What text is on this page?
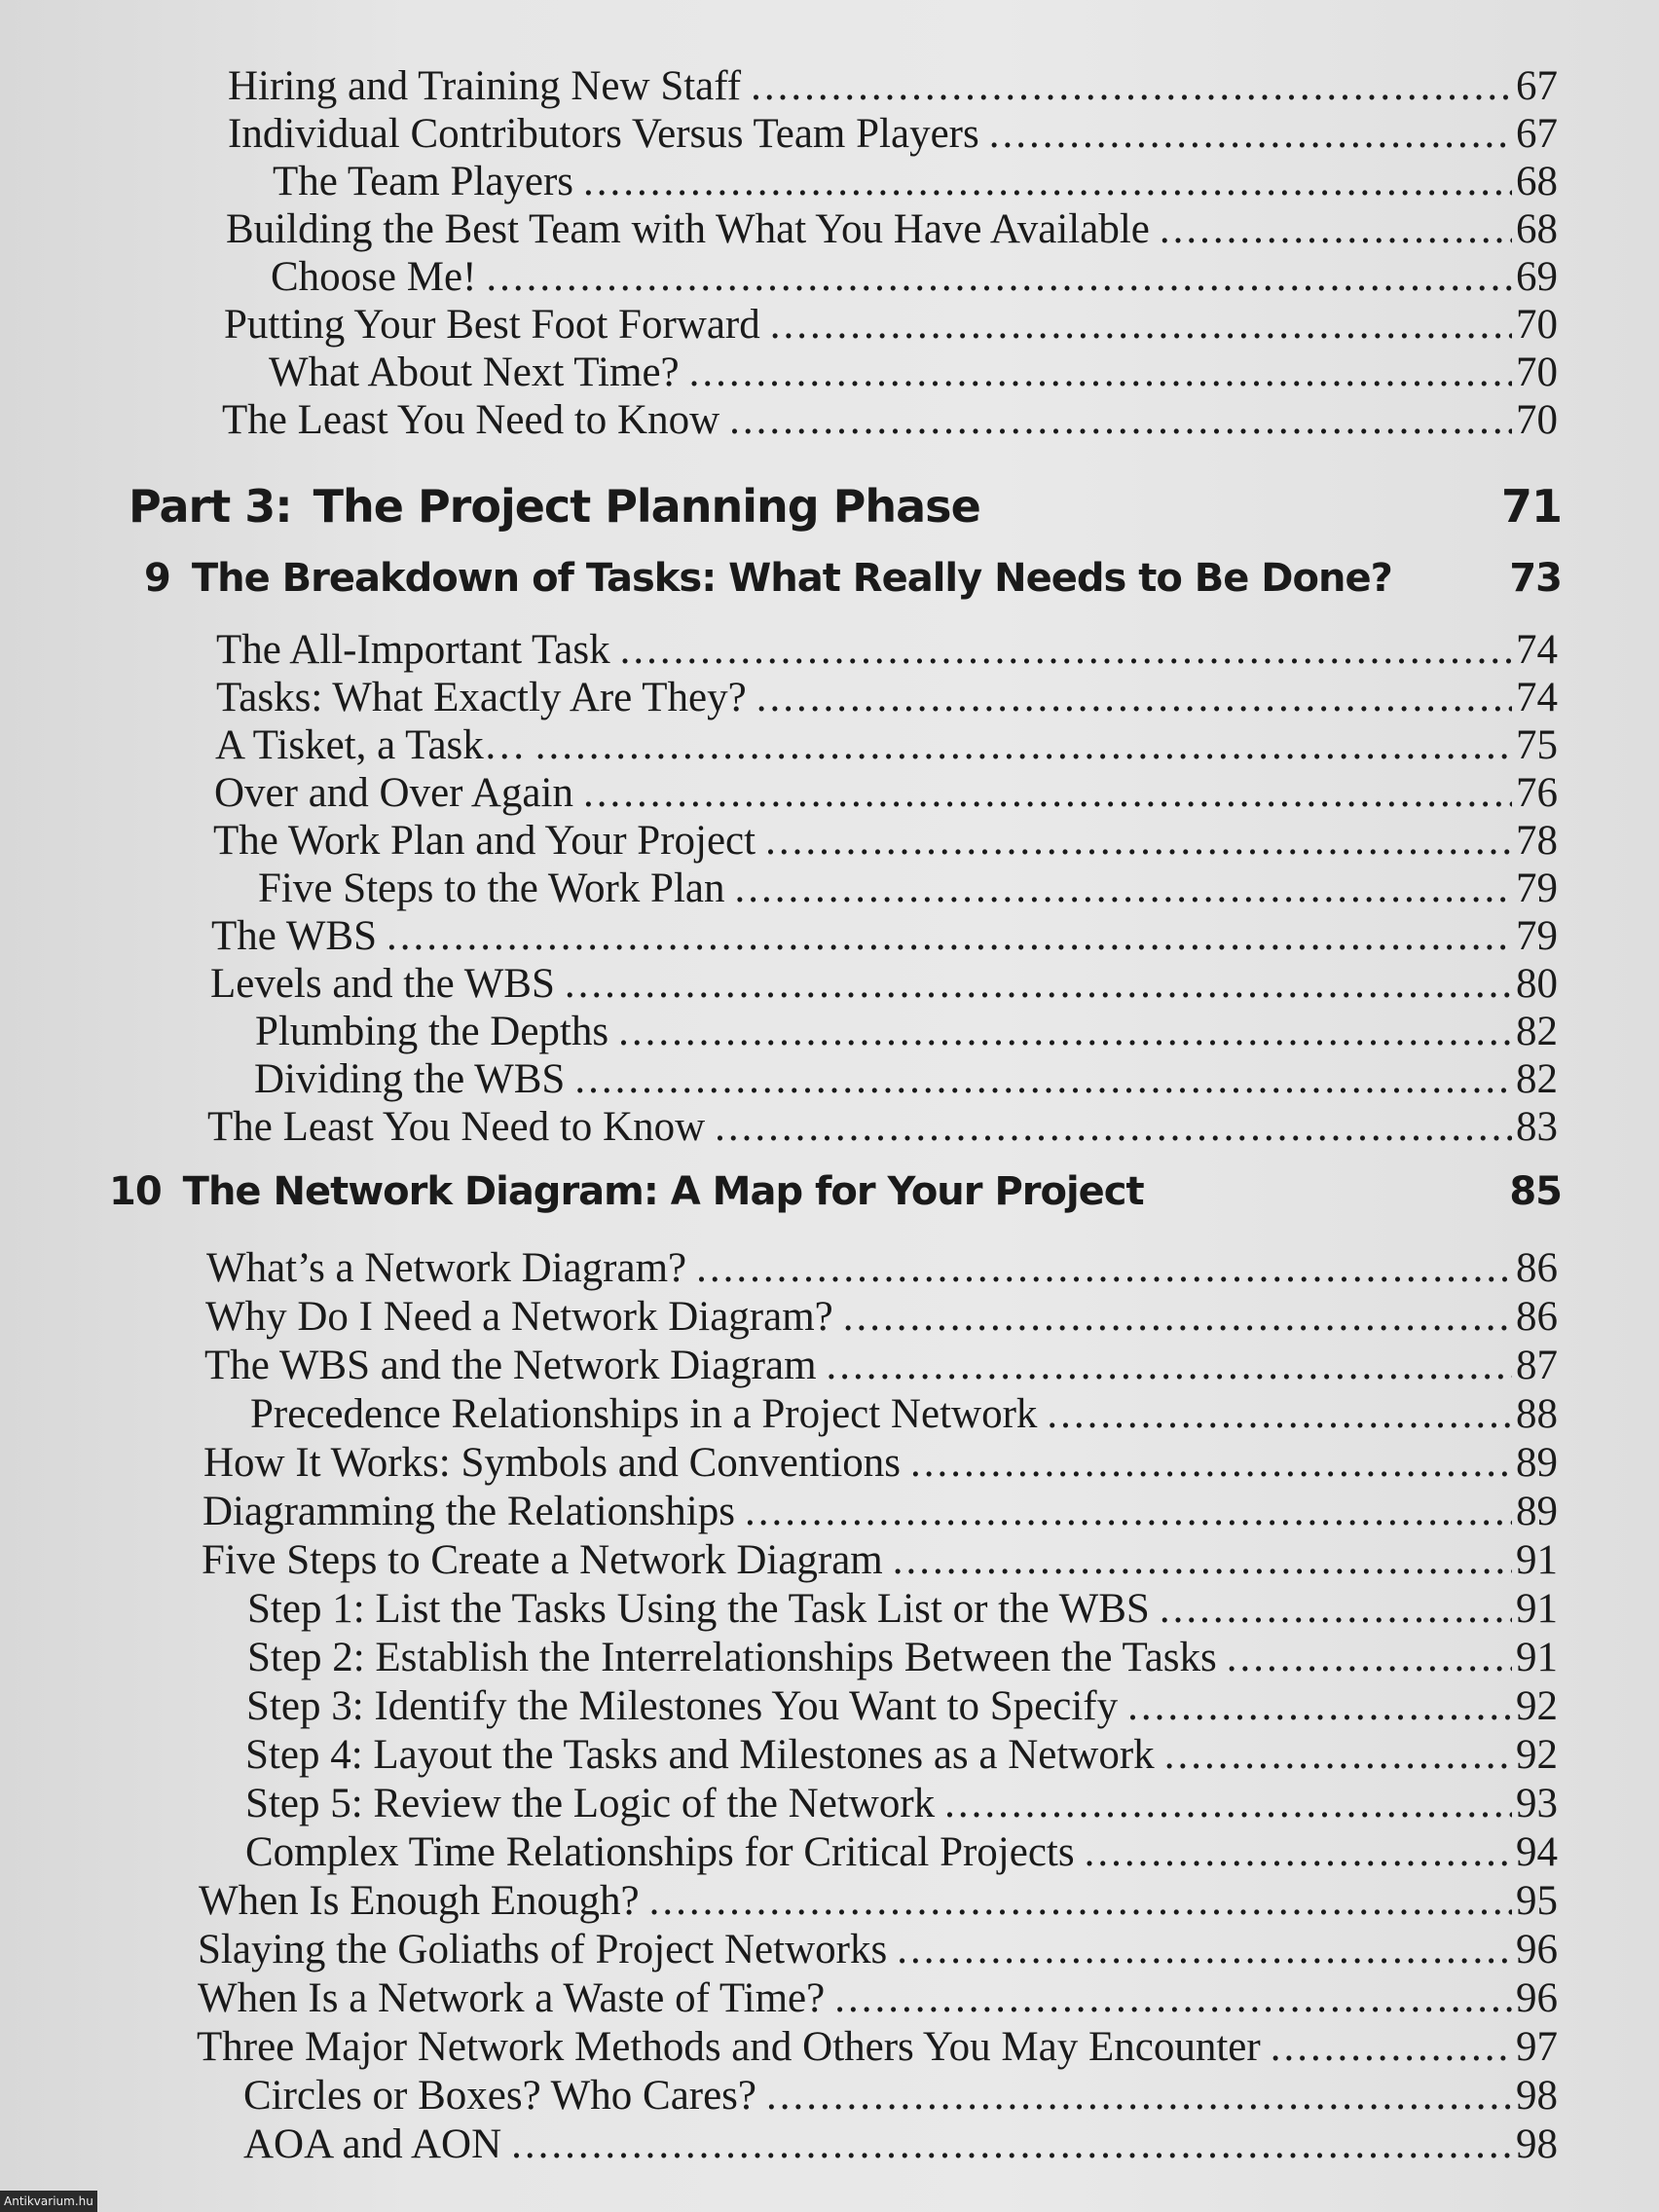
Hiring and Training New Staff .....	67
Individual Contributors Versus Team Players .....	67
The Team Players .....	68
Building the Best Team with What You Have Available .....	68
Choose Me! .....	69
Putting Your Best Foot Forward .....	70
What About Next Time? .....	70
The Least You Need to Know .....	70
Part 3: The Project Planning Phase	71
9 The Breakdown of Tasks: What Really Needs to Be Done?	73
The All-Important Task .....	74
Tasks: What Exactly Are They? .....	74
A Tisket, a Task… .....	75
Over and Over Again .....	76
The Work Plan and Your Project .....	78
Five Steps to the Work Plan .....	79
The WBS .....	79
Levels and the WBS .....	80
Plumbing the Depths .....	82
Dividing the WBS .....	82
The Least You Need to Know .....	83
10 The Network Diagram: A Map for Your Project	85
What’s a Network Diagram? .....	86
Why Do I Need a Network Diagram? .....	86
The WBS and the Network Diagram .....	87
Precedence Relationships in a Project Network .....	88
How It Works: Symbols and Conventions .....	89
Diagramming the Relationships .....	89
Five Steps to Create a Network Diagram .....	91
Step 1: List the Tasks Using the Task List or the WBS .....	91
Step 2: Establish the Interrelationships Between the Tasks .....	91
Step 3: Identify the Milestones You Want to Specify .....	92
Step 4: Layout the Tasks and Milestones as a Network .....	92
Step 5: Review the Logic of the Network .....	93
Complex Time Relationships for Critical Projects .....	94
When Is Enough Enough? .....	95
Slaying the Goliaths of Project Networks .....	96
When Is a Network a Waste of Time? .....	96
Three Major Network Methods and Others You May Encounter .....	97
Circles or Boxes? Who Cares? .....	98
AOA and AON .....	98
Antikvarium.hu
